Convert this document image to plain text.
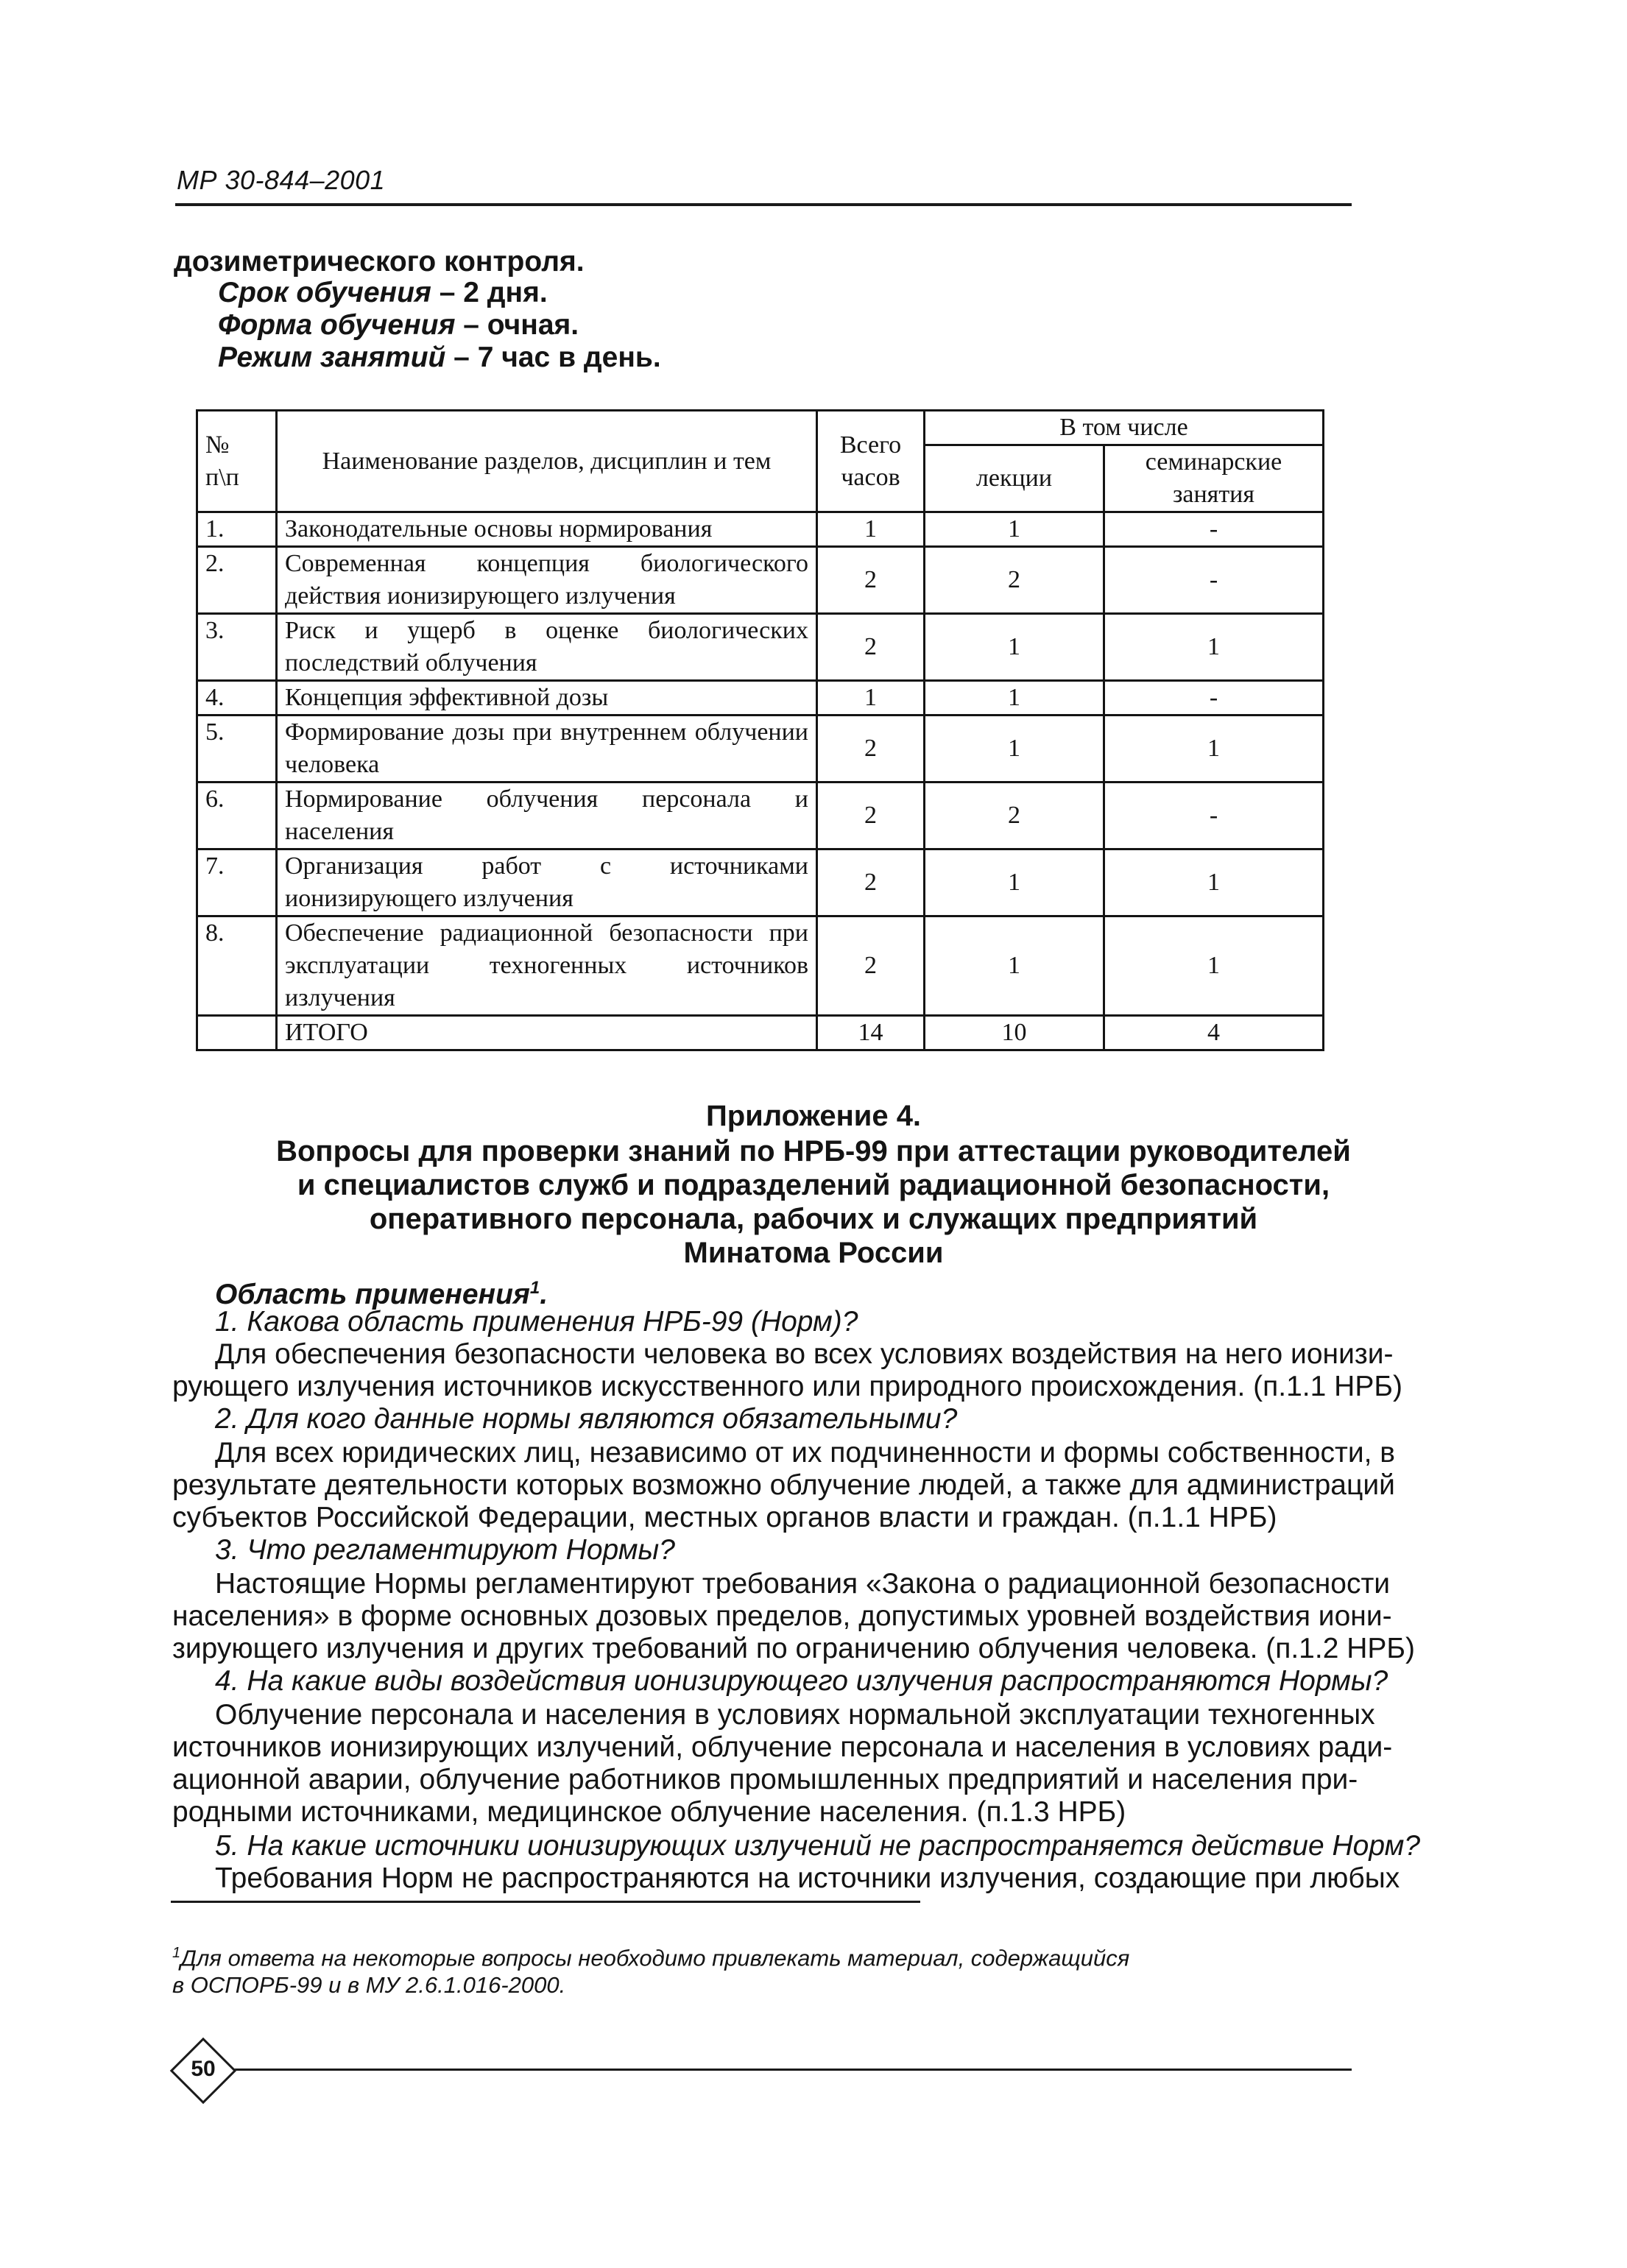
МР 30-844–2001
дозиметрического контроля.
Срок обучения – 2 дня.
Форма обучения – очная.
Режим занятий – 7 час в день.
№ п\п	Наименование разделов, дисциплин и тем	Всего часов	В том числе	
			лекции	семинарские занятия
1.	Законодательные основы нормирования	1	1	-
2.	Современная концепция биологического действия ионизирующего излучения	2	2	-
3.	Риск и ущерб в оценке биологических последствий облучения	2	1	1
4.	Концепция эффективной дозы	1	1	-
5.	Формирование дозы при внутреннем облучении человека	2	1	1
6.	Нормирование облучения персонала и населения	2	2	-
7.	Организация работ с источниками ионизирующего излучения	2	1	1
8.	Обеспечение радиационной безопасности при эксплуатации техногенных источников излучения	2	1	1
	ИТОГО	14	10	4
Приложение 4.
Вопросы для проверки знаний по НРБ-99 при аттестации руководителей
и специалистов служб и подразделений радиационной безопасности,
оперативного персонала, рабочих и служащих предприятий
Минатома России
Область применения$^1$.
1. Какова область применения НРБ-99 (Норм)?
Для обеспечения безопасности человека во всех условиях воздействия на него ионизи-
рующего излучения источников искусственного или природного происхождения. (п.1.1 НРБ)
2. Для кого данные нормы являются обязательными?
Для всех юридических лиц, независимо от их подчиненности и формы собственности, в
результате деятельности которых возможно облучение людей, а также для администраций
субъектов Российской Федерации, местных органов власти и граждан. (п.1.1 НРБ)
3. Что регламентируют Нормы?
Настоящие Нормы регламентируют требования «Закона о радиационной безопасности
населения» в форме основных дозовых пределов, допустимых уровней воздействия иони-
зирующего излучения и других требований по ограничению облучения человека. (п.1.2 НРБ)
4. На какие виды воздействия ионизирующего излучения распространяются Нормы?
Облучение персонала и населения в условиях нормальной эксплуатации техногенных
источников ионизирующих излучений, облучение персонала и населения в условиях ради-
ационной аварии, облучение работников промышленных предприятий и населения при-
родными источниками, медицинское облучение населения. (п.1.3 НРБ)
5. На какие источники ионизирующих излучений не распространяется действие Норм?
Требования Норм не распространяются на источники излучения, создающие при любых
$^1$Для ответа на некоторые вопросы необходимо привлекать материал, содержащийся
в ОСПОРБ-99 и в МУ 2.6.1.016-2000.
50
